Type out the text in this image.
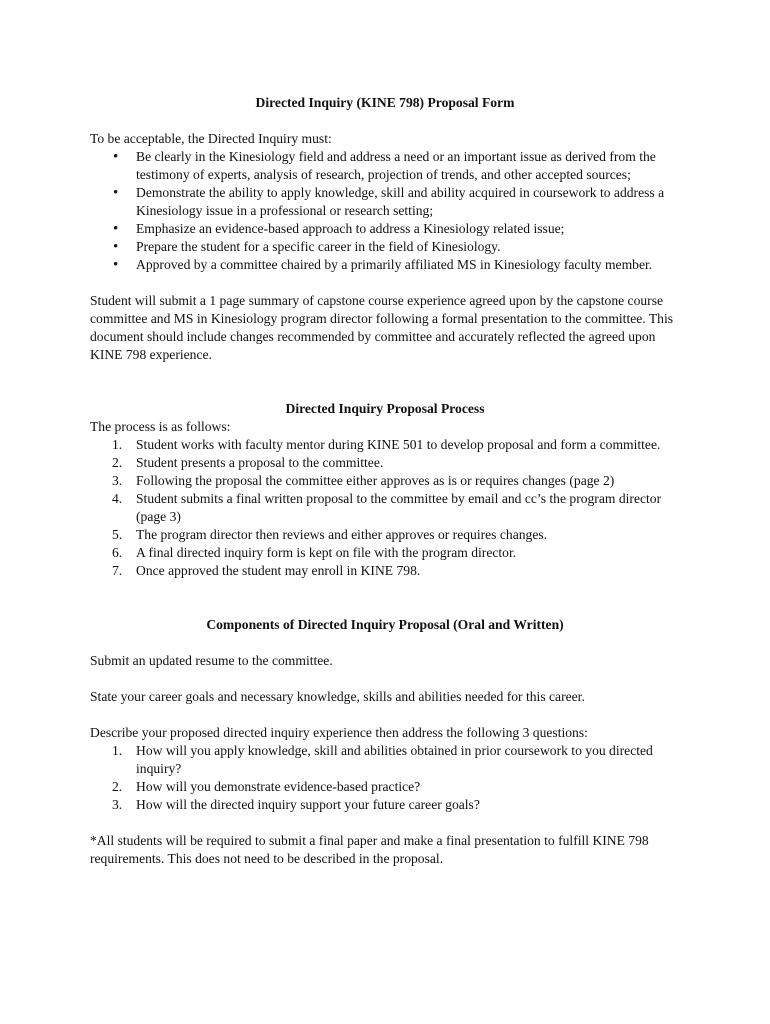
Directed Inquiry (KINE 798) Proposal Form

To be acceptable, the Directed Inquiry must:

• Be clearly in the Kinesiology field and address a need or an important issue as derived from the testimony of experts, analysis of research, projection of trends, and other accepted sources;
• Demonstrate the ability to apply knowledge, skill and ability acquired in coursework to address a Kinesiology issue in a professional or research setting;
• Emphasize an evidence-based approach to address a Kinesiology related issue;
• Prepare the student for a specific career in the field of Kinesiology.
• Approved by a committee chaired by a primarily affiliated MS in Kinesiology faculty member.

Student will submit a 1 page summary of capstone course experience agreed upon by the capstone course committee and MS in Kinesiology program director following a formal presentation to the committee. This document should include changes recommended by committee and accurately reflected the agreed upon KINE 798 experience.

Directed Inquiry Proposal Process

The process is as follows:

1. Student works with faculty mentor during KINE 501 to develop proposal and form a committee.
2. Student presents a proposal to the committee.
3. Following the proposal the committee either approves as is or requires changes (page 2)
4. Student submits a final written proposal to the committee by email and cc’s the program director (page 3)
5. The program director then reviews and either approves or requires changes.
6. A final directed inquiry form is kept on file with the program director.
7. Once approved the student may enroll in KINE 798.
Components of Directed Inquiry Proposal (Oral and Written)

Submit an updated resume to the committee.

State your career goals and necessary knowledge, skills and abilities needed for this career.

Describe your proposed directed inquiry experience then address the following 3 questions:

1. How will you apply knowledge, skill and abilities obtained in prior coursework to you directed inquiry?
2. How will you demonstrate evidence-based practice?
3. How will the directed inquiry support your future career goals?

*All students will be required to submit a final paper and make a final presentation to fulfill KINE 798 requirements. This does not need to be described in the proposal.
